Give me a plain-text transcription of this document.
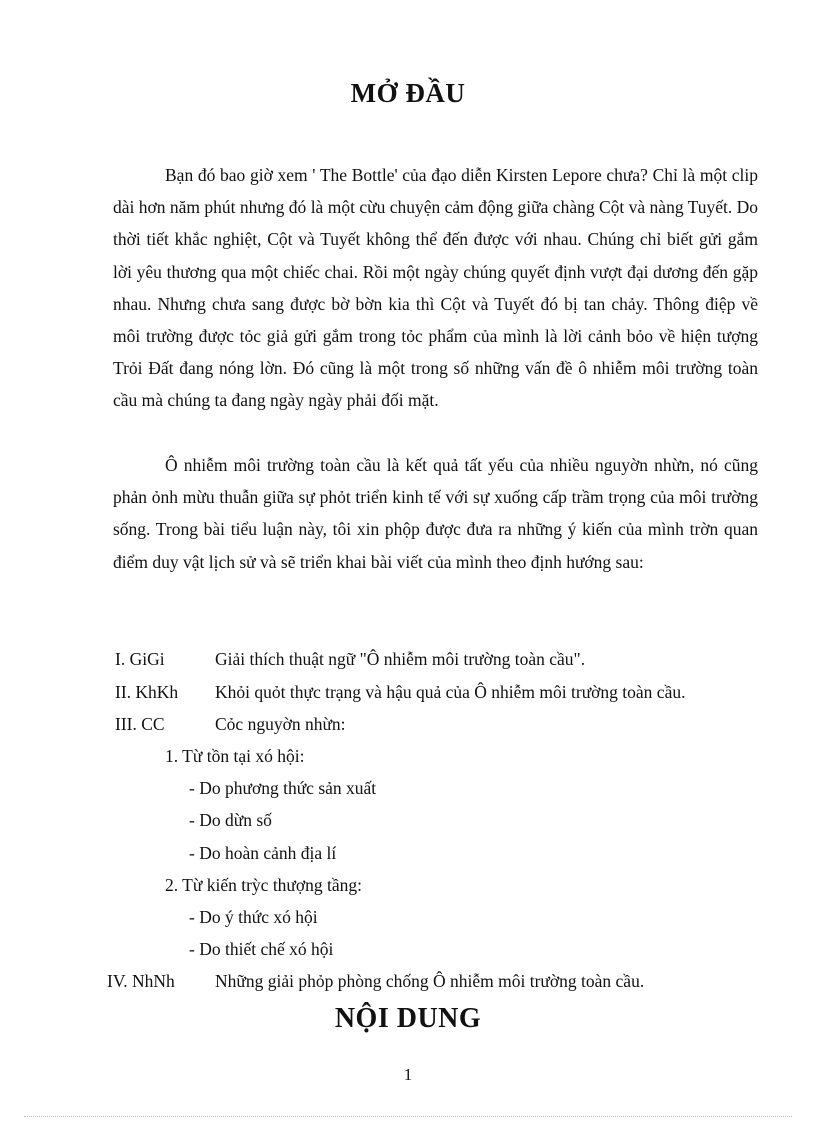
MỞ ĐẦU

Bạn đó bao giờ xem ' The Bottle' của đạo diễn Kirsten Lepore chưa? Chỉ là một clip dài hơn năm phút nhưng đó là một cừu chuyện cảm động giữa chàng Cột và nàng Tuyết. Do thời tiết khắc nghiệt, Cột và Tuyết không thể đến được với nhau. Chúng chỉ biết gửi gắm lời yêu thương qua một chiếc chai. Rồi một ngày chúng quyết định vượt đại dương đến gặp nhau. Nhưng chưa sang được bờ bờn kia thì Cột và Tuyết đó bị tan chảy. Thông điệp về môi trường được tỏc giả gửi gắm trong tỏc phẩm của mình là lời cảnh bỏo về hiện tượng Trỏi Đất đang nóng lờn. Đó cũng là một trong số những vấn đề ô nhiễm môi trường toàn cầu mà chúng ta đang ngày ngày phải đối mặt.

Ô nhiễm môi trường toàn cầu là kết quả tất yếu của nhiều nguyờn nhừn, nó cũng phản ỏnh mừu thuẫn giữa sự phỏt triển kinh tế với sự xuống cấp trầm trọng của môi trường sống. Trong bài tiểu luận này, tôi xin phộp được đưa ra những ý kiến của mình trờn quan điểm duy vật lịch sử và sẽ triển khai bài viết của mình theo định hướng sau:

I. GiGi	Giải thích thuật ngữ "Ô nhiễm môi trường toàn cầu".
II. KhKh	Khỏi quỏt thực trạng và hậu quả của Ô nhiễm môi trường toàn cầu.
III. CC	Cỏc nguyờn nhừn:
1. Từ tồn tại xó hội:
- Do phương thức sản xuất
- Do dừn số
- Do hoàn cảnh địa lí
2. Từ kiến trỳc thượng tầng:
- Do ý thức xó hội
- Do thiết chế xó hội
IV. NhNh	Những giải phỏp phòng chống Ô nhiễm môi trường toàn cầu.
NỘI DUNG
1
